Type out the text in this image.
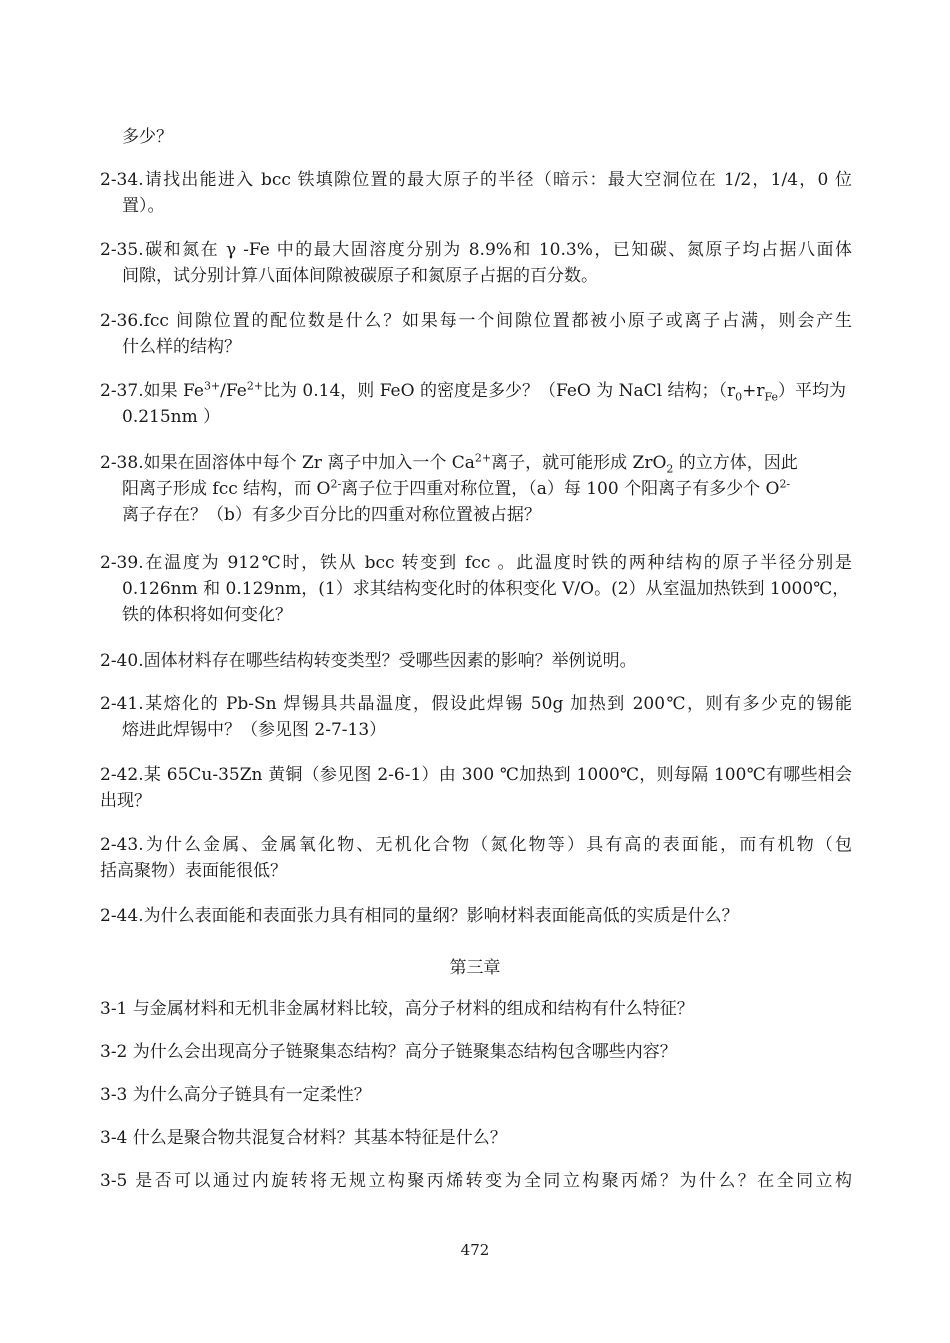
多少？
2-34.请找出能进入 bcc 铁填隙位置的最大原子的半径（暗示：最大空洞位在 1/2，1/4，0 位
置）。
2-35.碳和氮在 γ -Fe 中的最大固溶度分别为 8.9%和 10.3%，已知碳、氮原子均占据八面体
间隙，试分别计算八面体间隙被碳原子和氮原子占据的百分数。
2-36.fcc 间隙位置的配位数是什么？如果每一个间隙位置都被小原子或离子占满，则会产生
什么样的结构？
2-37.如果 $Fe^{3+}/Fe^{2+}$比为 0.14，则 FeO 的密度是多少？（FeO 为 NaCl 结构；$(r_0+r_{Fe})$平均为
0.215nm ）
2-38.如果在固溶体中每个 Zr 离子中加入一个 $Ca^{2+}$离子，就可能形成 ZrO$_2$ 的立方体，因此
阳离子形成 fcc 结构，而 $O^{2-}$离子位于四重对称位置，（a）每 100 个阳离子有多少个 $O^{2-}$
离子存在？（b）有多少百分比的四重对称位置被占据？
2-39.在温度为 912℃时，铁从 bcc 转变到 fcc 。此温度时铁的两种结构的原子半径分别是
0.126nm 和 0.129nm，(1）求其结构变化时的体积变化 V/O。(2）从室温加热铁到 1000℃，
铁的体积将如何变化？
2-40.固体材料存在哪些结构转变类型？受哪些因素的影响？举例说明。
2-41.某熔化的 Pb-Sn 焊锡具共晶温度，假设此焊锡 50g 加热到 200℃，则有多少克的锡能
熔进此焊锡中？（参见图 2-7-13）
2-42.某 65Cu-35Zn 黄铜（参见图 2-6-1）由 300 ℃加热到 1000℃，则每隔 100℃有哪些相会
出现？
2-43.为什么金属、金属氧化物、无机化合物（氮化物等）具有高的表面能，而有机物（包
括高聚物）表面能很低？
2-44.为什么表面能和表面张力具有相同的量纲？影响材料表面能高低的实质是什么？
第三章
3-1 与金属材料和无机非金属材料比较，高分子材料的组成和结构有什么特征？
3-2 为什么会出现高分子链聚集态结构？高分子链聚集态结构包含哪些内容？
3-3 为什么高分子链具有一定柔性？
3-4 什么是聚合物共混复合材料？其基本特征是什么？
3-5 是否可以通过内旋转将无规立构聚丙烯转变为全同立构聚丙烯？为什么？在全同立构
472
